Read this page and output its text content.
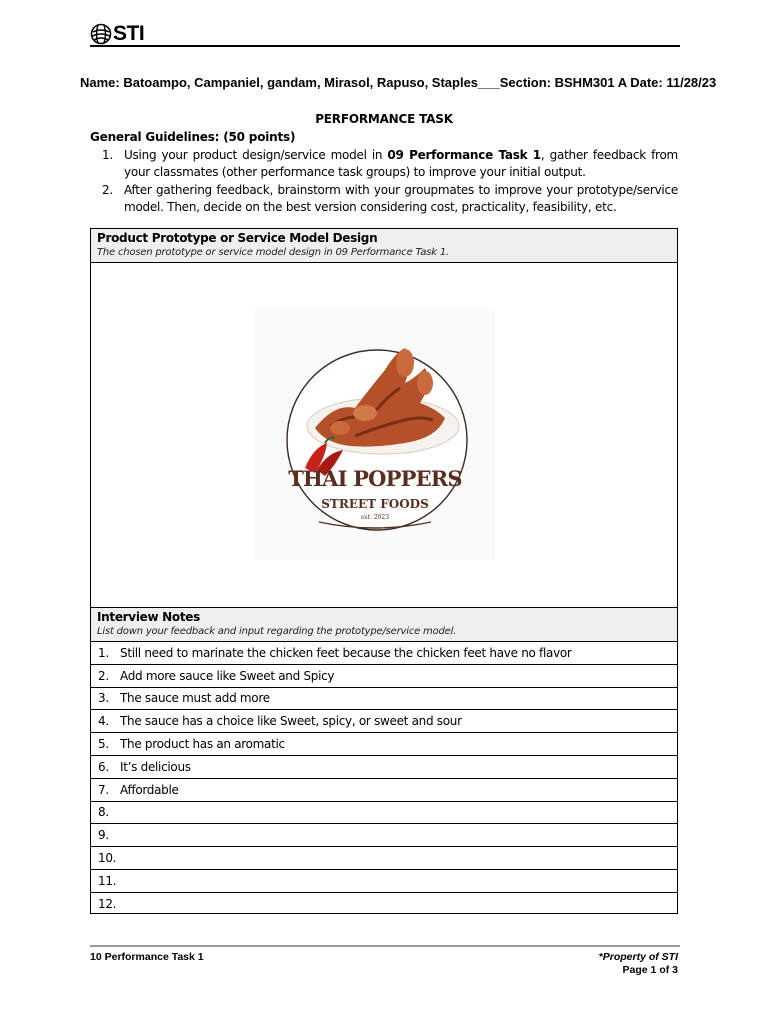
STI
Name: Batoampo, Campaniel, gandam, Mirasol, Rapuso, Staples___Section: BSHM301 A Date: 11/28/23
PERFORMANCE TASK
General Guidelines: (50 points)
1. Using your product design/service model in 09 Performance Task 1, gather feedback from your classmates (other performance task groups) to improve your initial output.
2. After gathering feedback, brainstorm with your groupmates to improve your prototype/service model. Then, decide on the best version considering cost, practicality, feasibility, etc.
Product Prototype or Service Model Design
The chosen prototype or service model design in 09 Performance Task 1.
THAI POPPERS
STREET FOODS
est. 2023
Interview Notes
List down your feedback and input regarding the prototype/service model.
1. Still need to marinate the chicken feet because the chicken feet have no flavor
2. Add more sauce like Sweet and Spicy
3. The sauce must add more
4. The sauce has a choice like Sweet, spicy, or sweet and sour
5. The product has an aromatic
6. It’s delicious
7. Affordable
8.
9.
10.
11.
12.
10 Performance Task 1	*Property of STI
Page 1 of 3
